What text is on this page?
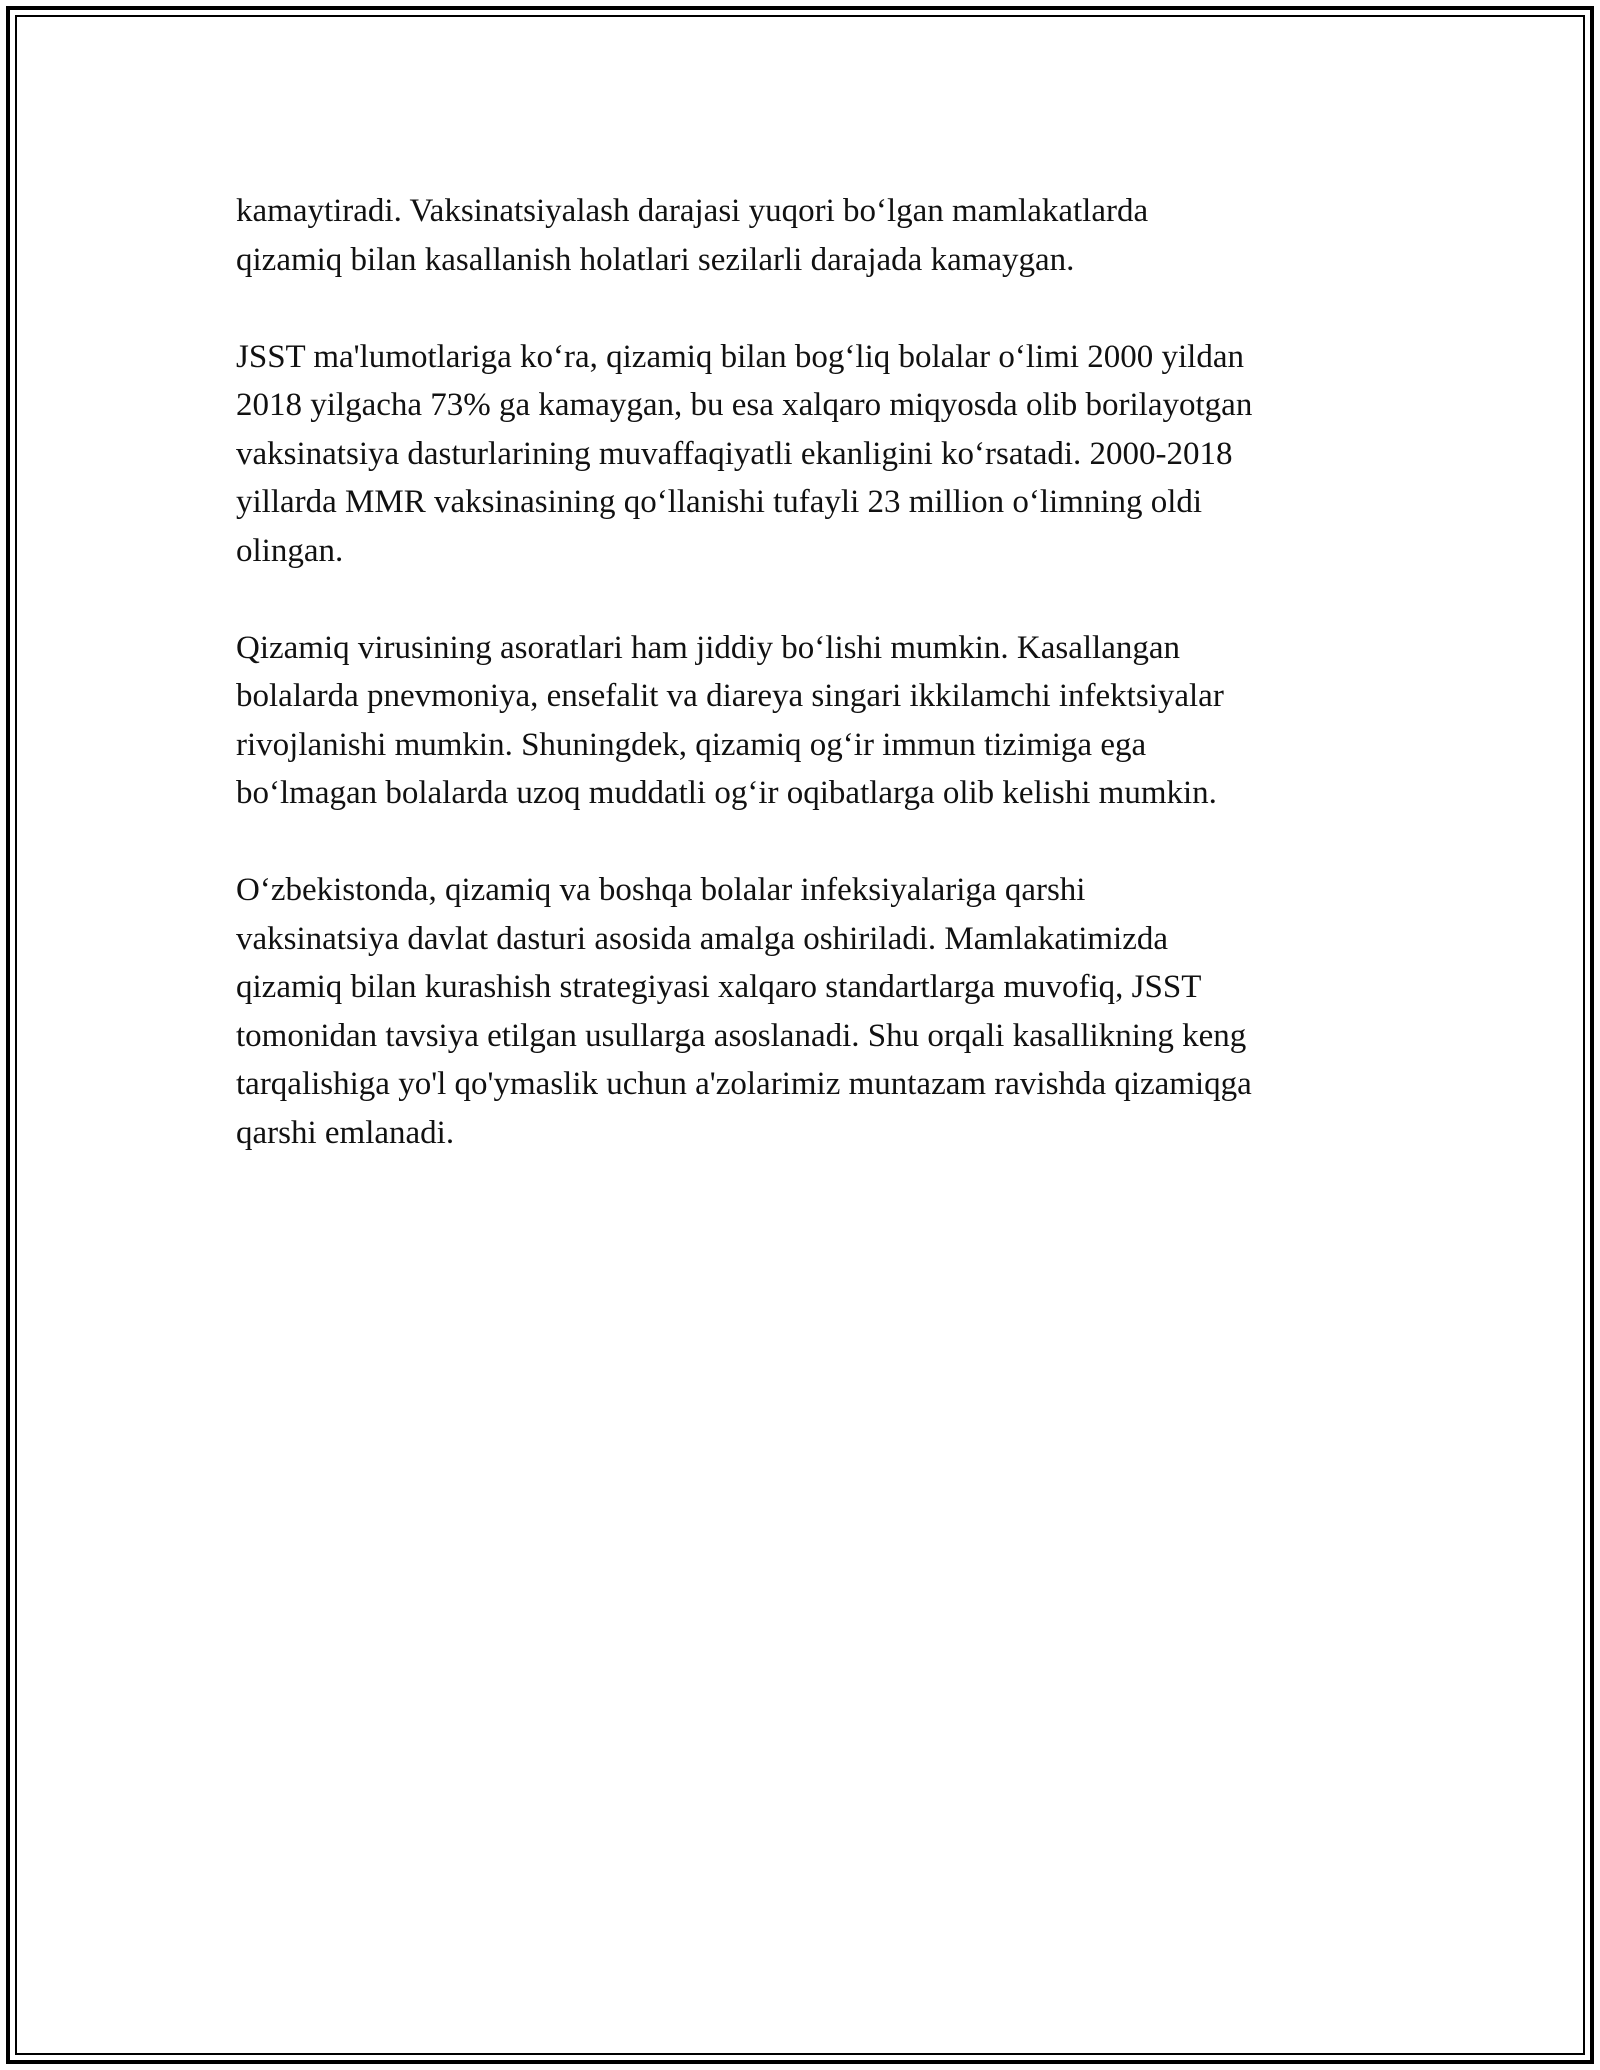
kamaytiradi. Vaksinatsiyalash darajasi yuqori bo‘lgan mamlakatlarda
qizamiq bilan kasallanish holatlari sezilarli darajada kamaygan.

JSST ma'lumotlariga ko‘ra, qizamiq bilan bog‘liq bolalar o‘limi 2000 yildan
2018 yilgacha 73% ga kamaygan, bu esa xalqaro miqyosda olib borilayotgan
vaksinatsiya dasturlarining muvaffaqiyatli ekanligini ko‘rsatadi. 2000-2018
yillarda MMR vaksinasining qo‘llanishi tufayli 23 million o‘limning oldi
olingan.

Qizamiq virusining asoratlari ham jiddiy bo‘lishi mumkin. Kasallangan
bolalarda pnevmoniya, ensefalit va diareya singari ikkilamchi infektsiyalar
rivojlanishi mumkin. Shuningdek, qizamiq og‘ir immun tizimiga ega
bo‘lmagan bolalarda uzoq muddatli og‘ir oqibatlarga olib kelishi mumkin.

O‘zbekistonda, qizamiq va boshqa bolalar infeksiyalariga qarshi
vaksinatsiya davlat dasturi asosida amalga oshiriladi. Mamlakatimizda
qizamiq bilan kurashish strategiyasi xalqaro standartlarga muvofiq, JSST
tomonidan tavsiya etilgan usullarga asoslanadi. Shu orqali kasallikning keng
tarqalishiga yo'l qo'ymaslik uchun a'zolarimiz muntazam ravishda qizamiqga
qarshi emlanadi.
